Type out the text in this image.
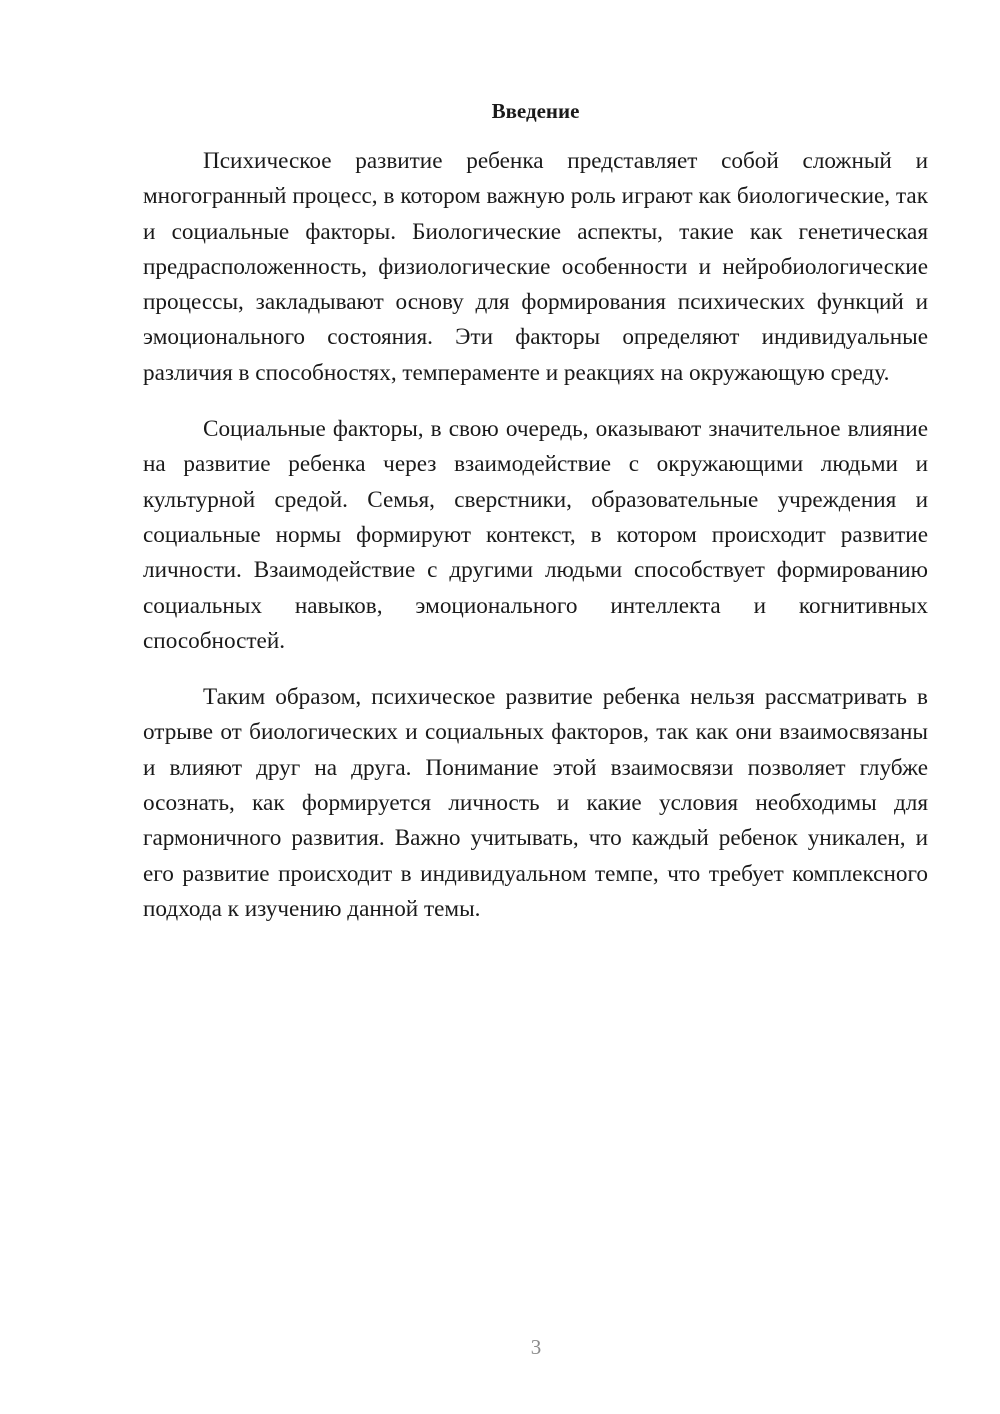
Введение

Психическое развитие ребенка представляет собой сложный и многогранный процесс, в котором важную роль играют как биологические, так и социальные факторы. Биологические аспекты, такие как генетическая предрасположенность, физиологические особенности и нейробиологические процессы, закладывают основу для формирования психических функций и эмоционального состояния. Эти факторы определяют индивидуальные различия в способностях, темпераменте и реакциях на окружающую среду.

Социальные факторы, в свою очередь, оказывают значительное влияние на развитие ребенка через взаимодействие с окружающими людьми и культурной средой. Семья, сверстники, образовательные учреждения и социальные нормы формируют контекст, в котором происходит развитие личности. Взаимодействие с другими людьми способствует формированию социальных навыков, эмоционального интеллекта и когнитивных способностей.

Таким образом, психическое развитие ребенка нельзя рассматривать в отрыве от биологических и социальных факторов, так как они взаимосвязаны и влияют друг на друга. Понимание этой взаимосвязи позволяет глубже осознать, как формируется личность и какие условия необходимы для гармоничного развития. Важно учитывать, что каждый ребенок уникален, и его развитие происходит в индивидуальном темпе, что требует комплексного подхода к изучению данной темы.

3
